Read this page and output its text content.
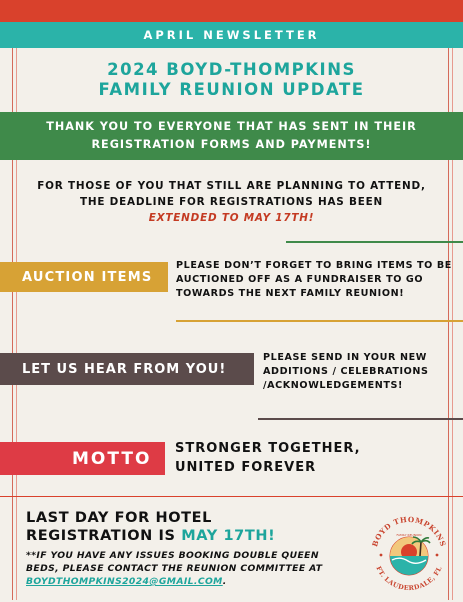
APRIL NEWSLETTER
2024 BOYD-THOMPKINS
FAMILY REUNION UPDATE
THANK YOU TO EVERYONE THAT HAS SENT IN THEIR
REGISTRATION FORMS AND PAYMENTS!
FOR THOSE OF YOU THAT STILL ARE PLANNING TO ATTEND,
THE DEADLINE FOR REGISTRATIONS HAS BEEN
EXTENDED TO MAY 17TH!
AUCTION ITEMS
PLEASE DON’T FORGET TO BRING ITEMS TO BE
AUCTIONED OFF AS A FUNDRAISER TO GO
TOWARDS THE NEXT FAMILY REUNION!
LET US HEAR FROM YOU!
PLEASE SEND IN YOUR NEW
ADDITIONS / CELEBRATIONS
/ACKNOWLEDGEMENTS!
MOTTO	STRONGER TOGETHER,
UNITED FOREVER
LAST DAY FOR HOTEL
REGISTRATION IS MAY 17TH!
**IF YOU HAVE ANY ISSUES BOOKING DOUBLE QUEEN
BEDS, PLEASE CONTACT THE REUNION COMMITTEE AT
BOYDTHOMPKINS2024@GMAIL.COM.
BOYD THOMPKINS
FT. LAUDERDALE, FL
FAMILY REUNION
